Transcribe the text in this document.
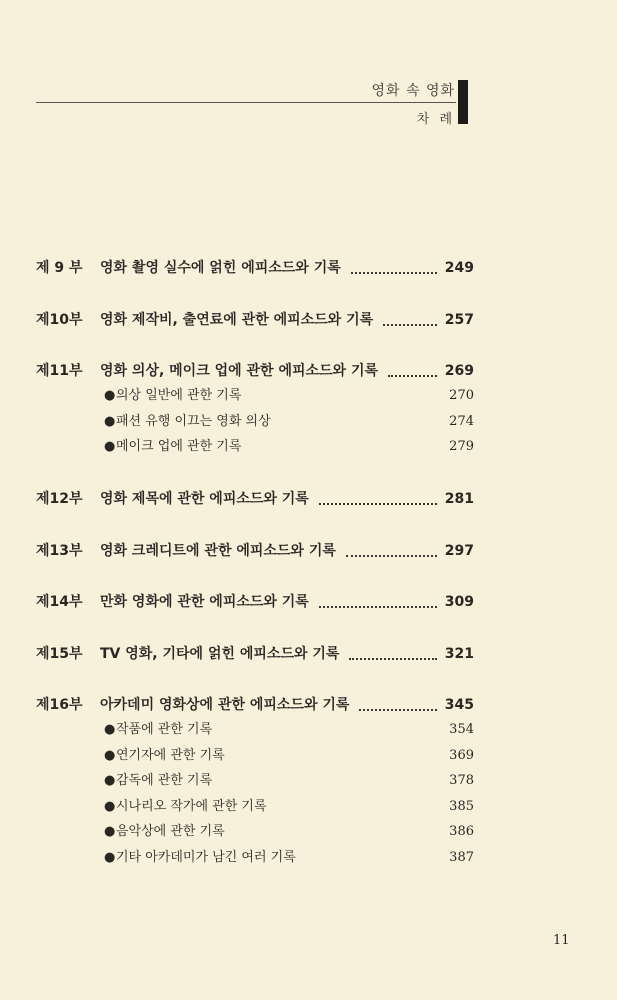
영화 속 영화
차 례
제 9 부	영화 촬영 실수에 얽힌 에피소드와 기록	249
제10부	영화 제작비, 출연료에 관한 에피소드와 기록	257
제11부	영화 의상, 메이크 업에 관한 에피소드와 기록	269
●의상 일반에 관한 기록	270
●패션 유행 이끄는 영화 의상	274
●메이크 업에 관한 기록	279
제12부	영화 제목에 관한 에피소드와 기록	281
제13부	영화 크레디트에 관한 에피소드와 기록	297
제14부	만화 영화에 관한 에피소드와 기록	309
제15부	TV 영화, 기타에 얽힌 에피소드와 기록	321
제16부	아카데미 영화상에 관한 에피소드와 기록	345
●작품에 관한 기록	354
●연기자에 관한 기록	369
●감독에 관한 기록	378
●시나리오 작가에 관한 기록	385
●음악상에 관한 기록	386
●기타 아카데미가 남긴 여러 기록	387
11
